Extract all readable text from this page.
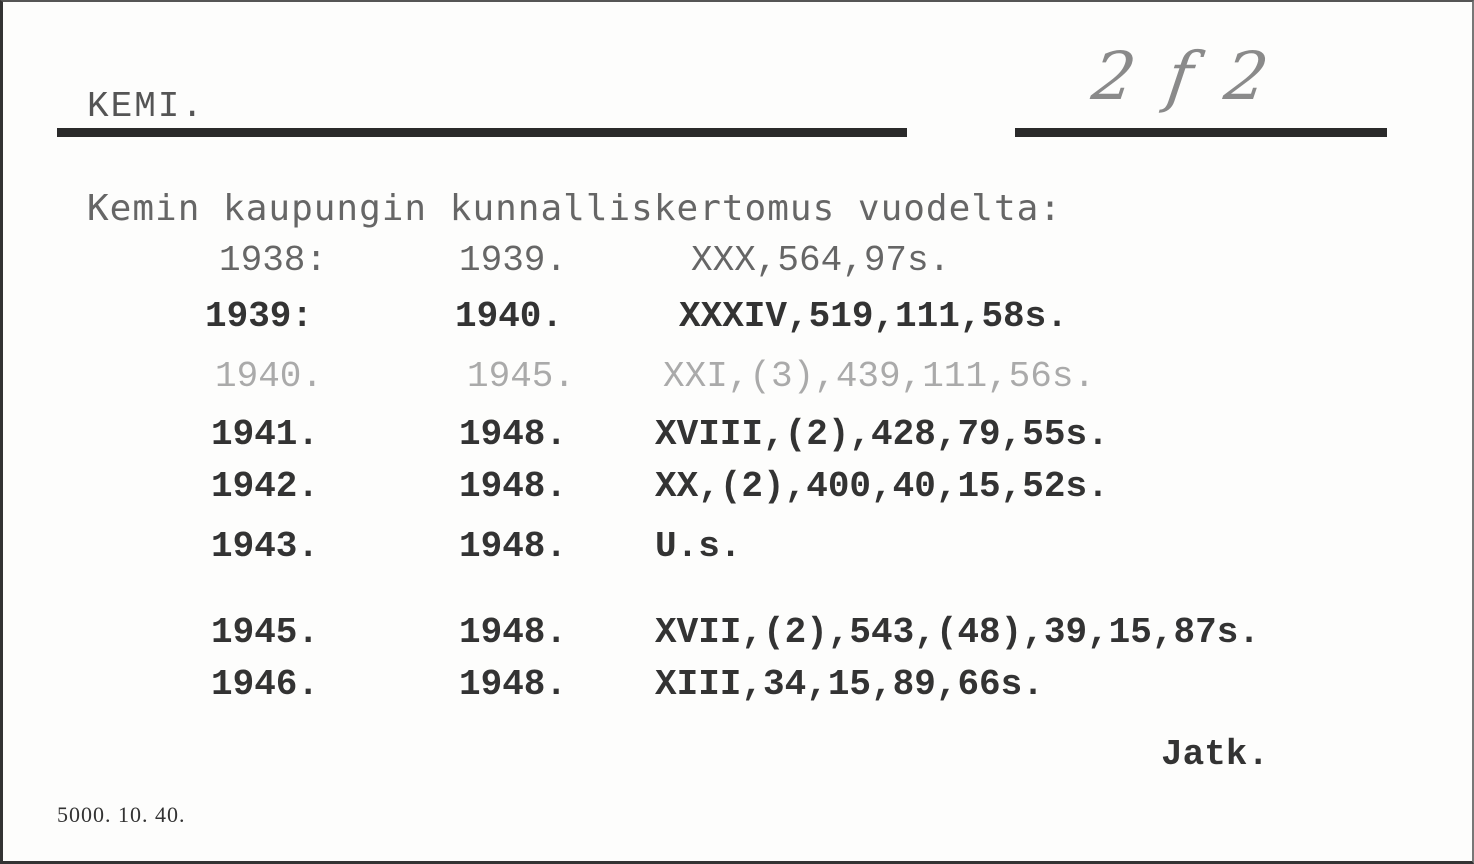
KEMI.	2 f 2
Kemin kaupungin kunnalliskertomus vuodelta:
1938:	1939.	XXX,564,97s.
1939:	1940.	XXXIV,519,111,58s.
1940.	1945. XXI,(3),439,111,56s.
1941.	1948. XVIII,(2),428,79,55s.
1942.	1948. XX,(2),400,40,15,52s.
1943.	1948. U.s.
1945.	1948. XVII,(2),543,(48),39,15,87s.
1946.	1948. XIII,34,15,89,66s.
Jatk.
5000. 10. 40.
